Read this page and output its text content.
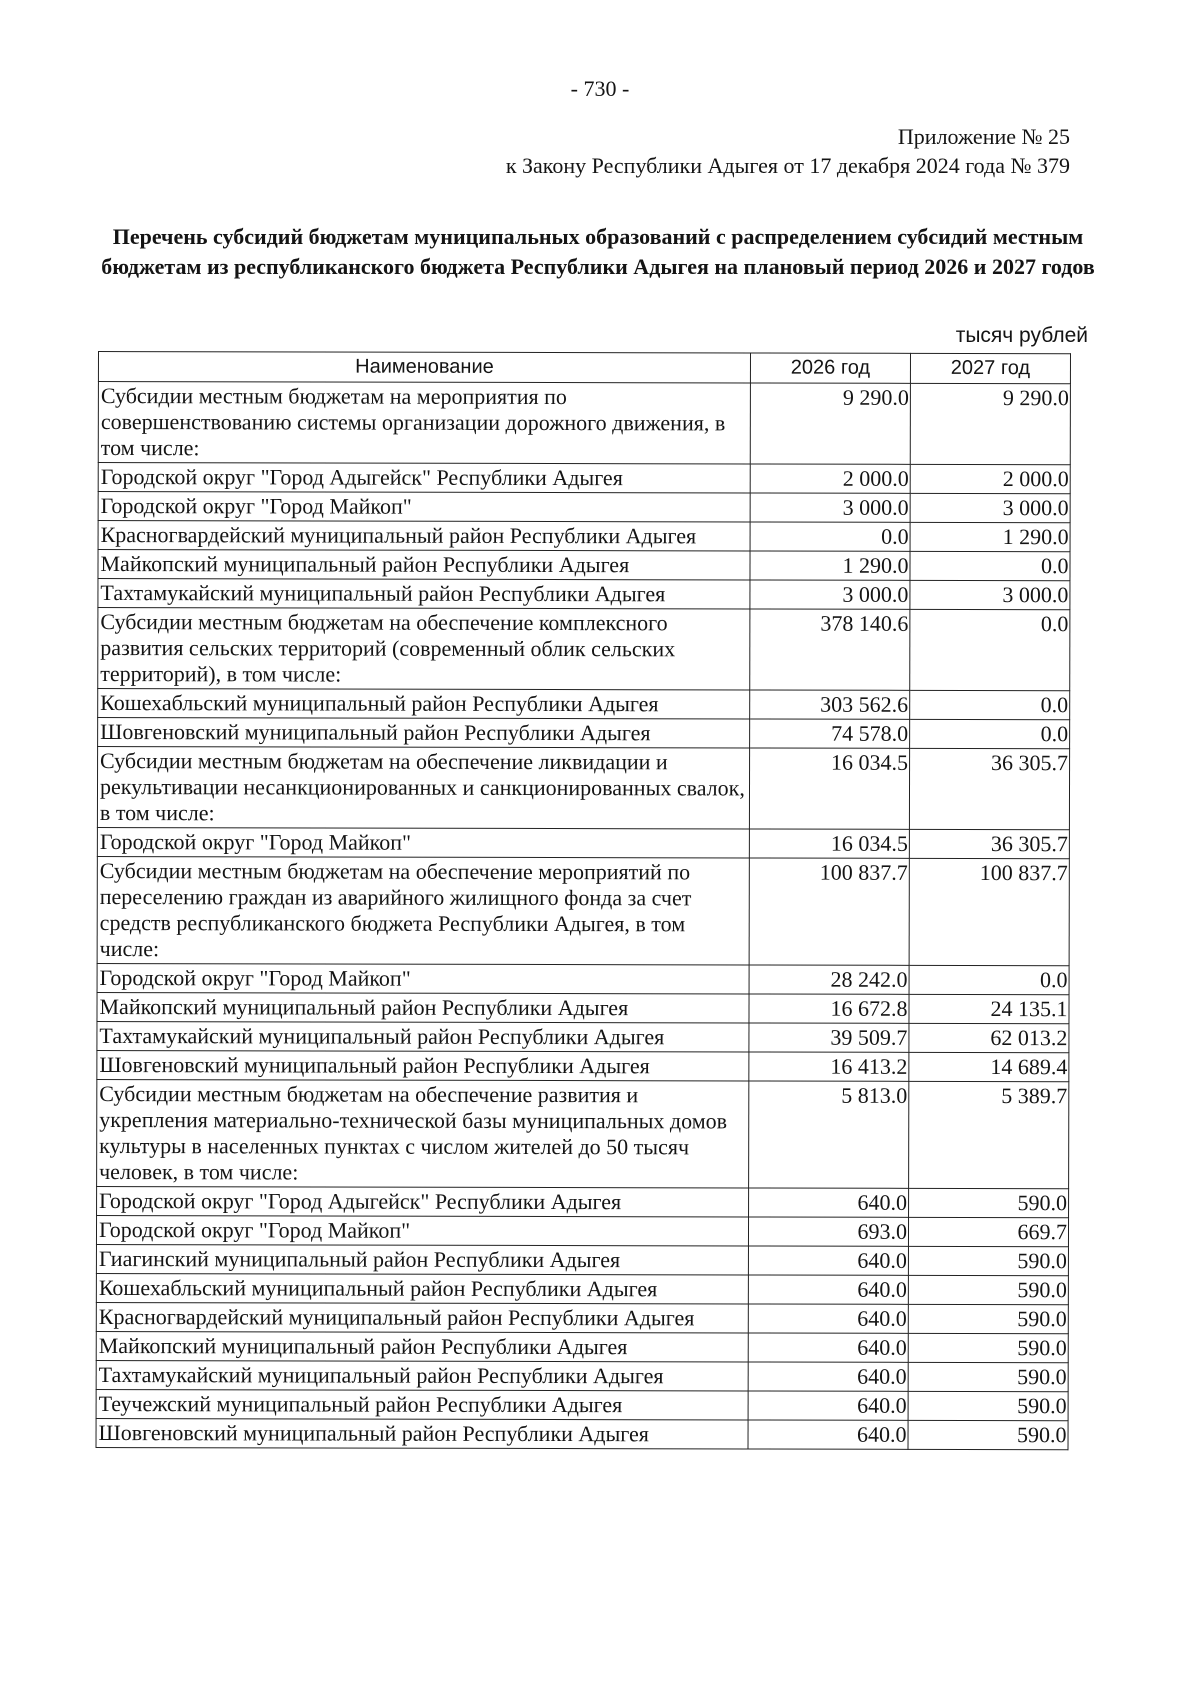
- 730 -
Приложение № 25
к Закону Республики Адыгея от 17 декабря 2024 года № 379
Перечень субсидий бюджетам муниципальных образований с распределением субсидий местным бюджетам из республиканского бюджета Республики Адыгея на плановый период 2026 и 2027 годов
тысяч рублей
Наименование	2026 год	2027 год
Субсидии местным бюджетам на мероприятия по совершенствованию системы организации дорожного движения, в том числе:	9 290.0	9 290.0
Городской округ "Город Адыгейск" Республики Адыгея	2 000.0	2 000.0
Городской округ "Город Майкоп"	3 000.0	3 000.0
Красногвардейский муниципальный район Республики Адыгея	0.0	1 290.0
Майкопский муниципальный район Республики Адыгея	1 290.0	0.0
Тахтамукайский муниципальный район Республики Адыгея	3 000.0	3 000.0
Субсидии местным бюджетам на обеспечение комплексного развития сельских территорий (современный облик сельских территорий), в том числе:	378 140.6	0.0
Кошехабльский муниципальный район Республики Адыгея	303 562.6	0.0
Шовгеновский муниципальный район Республики Адыгея	74 578.0	0.0
Субсидии местным бюджетам на обеспечение ликвидации и рекультивации несанкционированных и санкционированных свалок, в том числе:	16 034.5	36 305.7
Городской округ "Город Майкоп"	16 034.5	36 305.7
Субсидии местным бюджетам на обеспечение мероприятий по переселению граждан из аварийного жилищного фонда за счет средств республиканского бюджета Республики Адыгея, в том числе:	100 837.7	100 837.7
Городской округ "Город Майкоп"	28 242.0	0.0
Майкопский муниципальный район Республики Адыгея	16 672.8	24 135.1
Тахтамукайский муниципальный район Республики Адыгея	39 509.7	62 013.2
Шовгеновский муниципальный район Республики Адыгея	16 413.2	14 689.4
Субсидии местным бюджетам на обеспечение развития и укрепления материально-технической базы муниципальных домов культуры в населенных пунктах с числом жителей до 50 тысяч человек, в том числе:	5 813.0	5 389.7
Городской округ "Город Адыгейск" Республики Адыгея	640.0	590.0
Городской округ "Город Майкоп"	693.0	669.7
Гиагинский муниципальный район Республики Адыгея	640.0	590.0
Кошехабльский муниципальный район Республики Адыгея	640.0	590.0
Красногвардейский муниципальный район Республики Адыгея	640.0	590.0
Майкопский муниципальный район Республики Адыгея	640.0	590.0
Тахтамукайский муниципальный район Республики Адыгея	640.0	590.0
Теучежский муниципальный район Республики Адыгея	640.0	590.0
Шовгеновский муниципальный район Республики Адыгея	640.0	590.0
